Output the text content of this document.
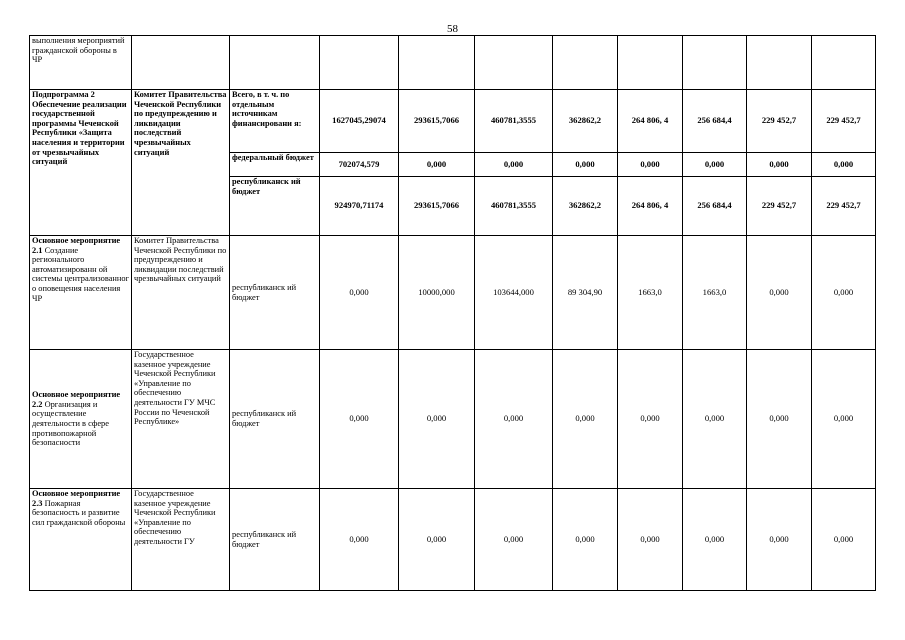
58
выполнения мероприятий гражданской обороны в ЧР										
Подпрограмма 2 Обеспечение реализации государственной программы Чеченской Республики «Защита населения и территории от чрезвычайных ситуаций	Комитет Правительства Чеченской Республики по предупреждению и ликвидации последствий чрезвычайных ситуаций	Всего, в т. ч. по отдельным источникам финансировани я:	1627045,29074	293615,7066	460781,3555	362862,2	264 806, 4	256 684,4	229 452,7	229 452,7
		федеральный бюджет	702074,579	0,000	0,000	0,000	0,000	0,000	0,000	0,000
		республиканск ий бюджет	924970,71174	293615,7066	460781,3555	362862,2	264 806, 4	256 684,4	229 452,7	229 452,7
Основное мероприятие 2.1 Создание регионального автоматизированн ой системы централизованног о оповещения населения ЧР	Комитет Правительства Чеченской Республики по предупреждению и ликвидации последствий чрезвычайных ситуаций	республиканск ий бюджет	0,000	10000,000	103644,000	89 304,90	1663,0	1663,0	0,000	0,000
Основное мероприятие 2.2 Организация и осуществление деятельности в сфере противопожарной безопасности	Государственное казенное учреждение Чеченской Республики «Управление по обеспечению деятельности ГУ МЧС России по Чеченской Республике»	республиканск ий бюджет	0,000	0,000	0,000	0,000	0,000	0,000	0,000	0,000
Основное мероприятие 2.3 Пожарная безопасность и развитие сил гражданской обороны	Государственное казенное учреждение Чеченской Республики «Управление по обеспечению деятельности ГУ	республиканск ий бюджет	0,000	0,000	0,000	0,000	0,000	0,000	0,000	0,000
